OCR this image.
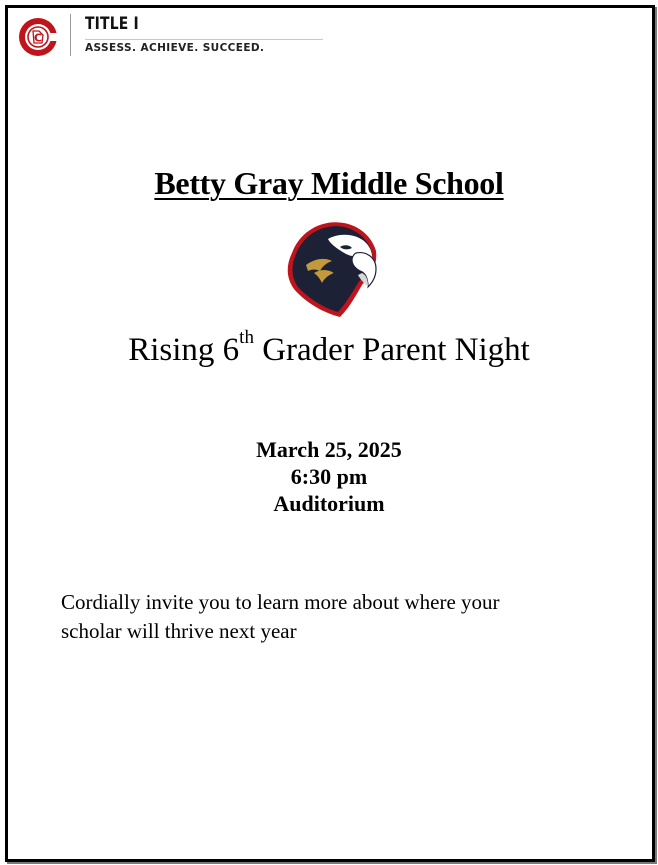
C
TITLE I
ASSESS. ACHIEVE. SUCCEED.
Betty Gray Middle School
Rising 6th Grader Parent Night
March 25, 2025
6:30 pm
Auditorium
Cordially invite you to learn more about where your
scholar will thrive next year
